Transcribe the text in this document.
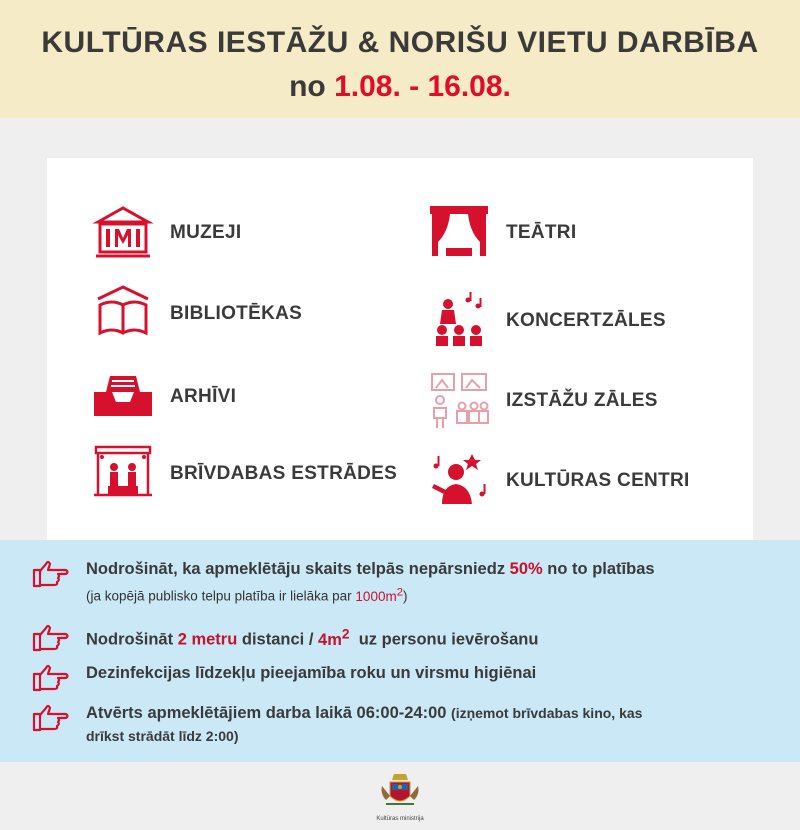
KULTŪRAS IESTĀŽU & NORIŠU VIETU DARBĪBA
no 1.08. - 16.08.
MUZEJI
BIBLIOTĒKAS
ARHĪVI
BRĪVDABAS ESTRĀDES
TEĀTRI
KONCERTZĀLES
IZSTĀŽU ZĀLES
KULTŪRAS CENTRI
Nodrošināt, ka apmeklētāju skaits telpās nepārsniedz 50% no to platības
(ja kopējā publisko telpu platība ir lielāka par $1000m^2$)
Nodrošināt 2 metru distanci / $4m^2$ uz personu ievērošanu
Dezinfekcijas līdzekļu pieejamība roku un virsmu higiēnai
Atvērts apmeklētājiem darba laikā 06:00-24:00 (izņemot brīvdabas kino, kas
drīkst strādāt līdz 2:00)
Kultūras ministrija
